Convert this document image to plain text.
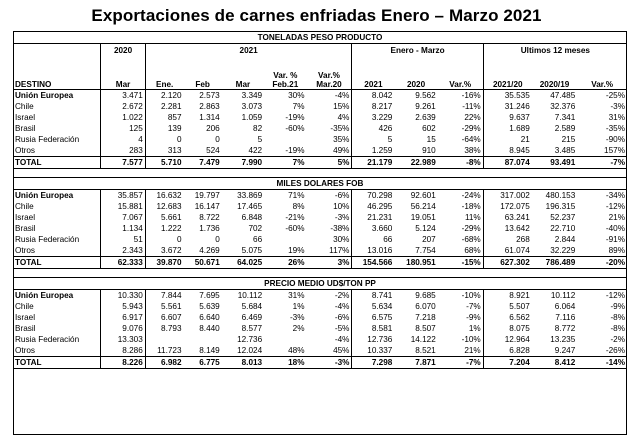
Exportaciones de carnes enfriadas Enero – Marzo 2021
TONELADAS PESO PRODUCTO												
	2020	2021					Enero - Marzo			Ultimos 12 meses		
DESTINO	Mar	Ene.	Feb	Mar	Var. % Feb.21	Var.% Mar.20	2021	2020	Var.%	2021/20	2020/19	Var.%
Unión Europea	3.471	2.120	2.573	3.349	30%	-4%	8.042	9.562	-16%	35.535	47.485	-25%
Chile	2.672	2.281	2.863	3.073	7%	15%	8.217	9.261	-11%	31.246	32.376	-3%
Israel	1.022	857	1.314	1.059	-19%	4%	3.229	2.639	22%	9.637	7.341	31%
Brasil	125	139	206	82	-60%	-35%	426	602	-29%	1.689	2.589	-35%
Rusia Federación	4	0	0	5		35%	5	15	-64%	21	215	-90%
Otros	283	313	524	422	-19%	49%	1.259	910	38%	8.945	3.485	157%
TOTAL	7.577	5.710	7.479	7.990	7%	5%	21.179	22.989	-8%	87.074	93.491	-7%

MILES DOLARES FOB												
Unión Europea	35.857	16.632	19.797	33.869	71%	-6%	70.298	92.601	-24%	317.002	480.153	-34%
Chile	15.881	12.683	16.147	17.465	8%	10%	46.295	56.214	-18%	172.075	196.315	-12%
Israel	7.067	5.661	8.722	6.848	-21%	-3%	21.231	19.051	11%	63.241	52.237	21%
Brasil	1.134	1.222	1.736	702	-60%	-38%	3.660	5.124	-29%	13.642	22.710	-40%
Rusia Federación	51	0	0	66		30%	66	207	-68%	268	2.844	-91%
Otros	2.343	3.672	4.269	5.075	19%	117%	13.016	7.754	68%	61.074	32.229	89%
TOTAL	62.333	39.870	50.671	64.025	26%	3%	154.566	180.951	-15%	627.302	786.489	-20%

PRECIO MEDIO UD$/TON PP												
Unión Europea	10.330	7.844	7.695	10.112	31%	-2%	8.741	9.685	-10%	8.921	10.112	-12%
Chile	5.943	5.561	5.639	5.684	1%	-4%	5.634	6.070	-7%	5.507	6.064	-9%
Israel	6.917	6.607	6.640	6.469	-3%	-6%	6.575	7.218	-9%	6.562	7.116	-8%
Brasil	9.076	8.793	8.440	8.577	2%	-5%	8.581	8.507	1%	8.075	8.772	-8%
Rusia Federación	13.303			12.736		-4%	12.736	14.122	-10%	12.964	13.235	-2%
Otros	8.286	11.723	8.149	12.024	48%	45%	10.337	8.521	21%	6.828	9.247	-26%
TOTAL	8.226	6.982	6.775	8.013	18%	-3%	7.298	7.871	-7%	7.204	8.412	-14%
